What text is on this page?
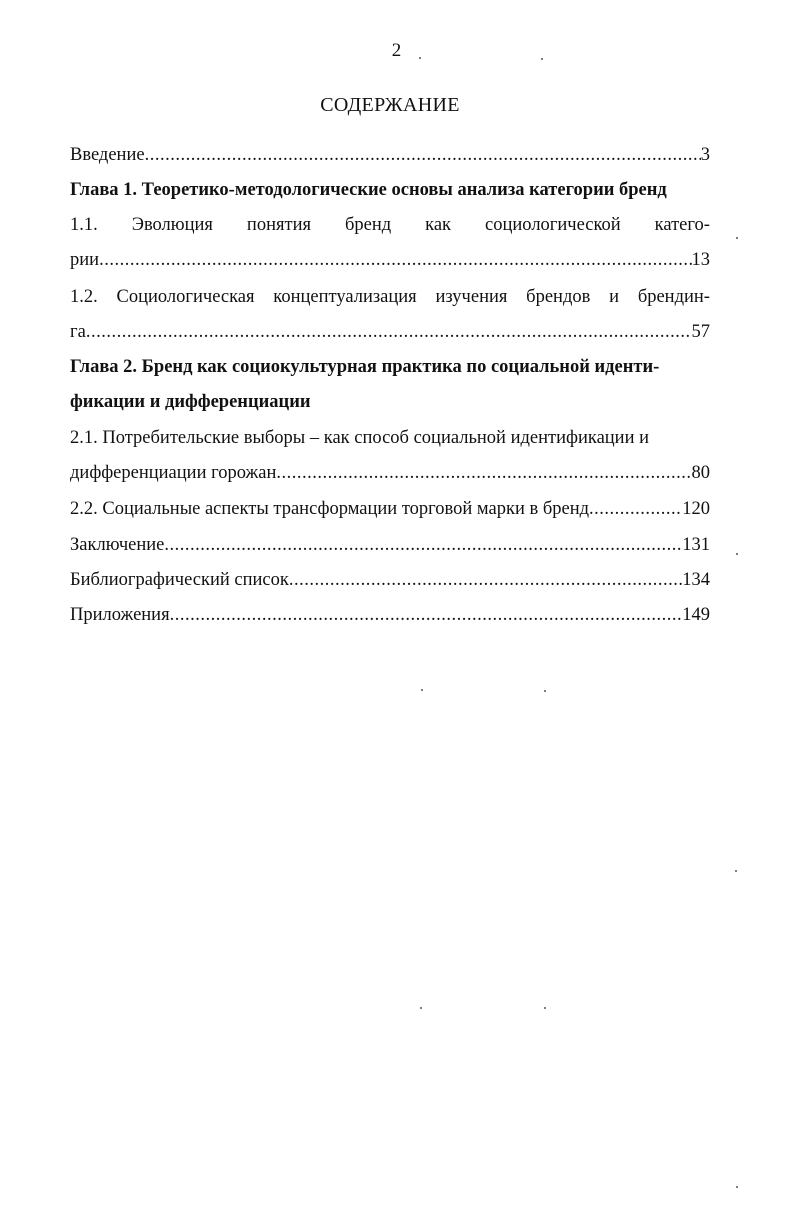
2
СОДЕРЖАНИЕ
Введение .....	3
Глава 1. Теоретико-методологические основы анализа категории бренд
1.1. Эволюция понятия бренд как социологической катего-
рии .....	13
1.2. Социологическая концептуализация изучения брендов и брендин-
га .....	57
Глава 2. Бренд как социокультурная практика по социальной иденти-
фикации и дифференциации
2.1. Потребительские выборы – как способ социальной идентификации и
дифференциации горожан .....	80
2.2. Социальные аспекты трансформации торговой марки в бренд .....	120
Заключение .....	131
Библиографический список .....	134
Приложения .....	149
